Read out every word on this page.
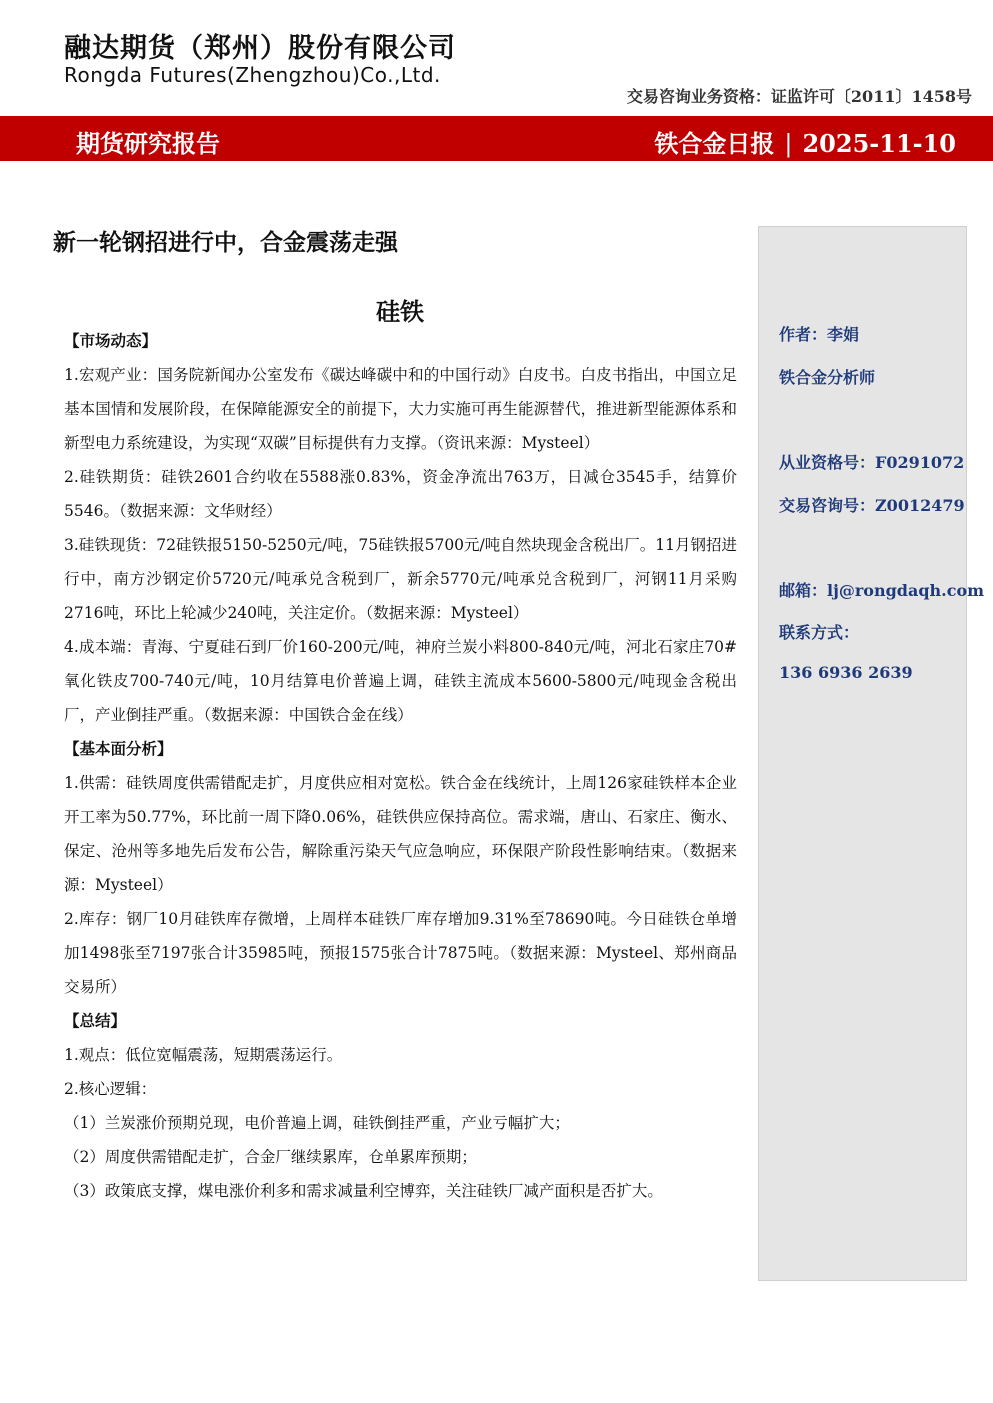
融达期货（郑州）股份有限公司
Rongda Futures(Zhengzhou)Co.,Ltd.
交易咨询业务资格：证监许可〔2011〕1458号
期货研究报告	铁合金日报 | 2025-11-10
新一轮钢招进行中，合金震荡走强
硅铁
【市场动态】

1.宏观产业：国务院新闻办公室发布《碳达峰碳中和的中国行动》白皮书。白皮书指出，中国立足基本国情和发展阶段，在保障能源安全的前提下，大力实施可再生能源替代，推进新型能源体系和新型电力系统建设，为实现“双碳”目标提供有力支撑。（资讯来源：Mysteel）

2.硅铁期货：硅铁2601合约收在5588涨0.83%，资金净流出763万，日减仓3545手，结算价5546。（数据来源：文华财经）

3.硅铁现货：72硅铁报5150-5250元/吨，75硅铁报5700元/吨自然块现金含税出厂。11月钢招进行中，南方沙钢定价5720元/吨承兑含税到厂，新余5770元/吨承兑含税到厂，河钢11月采购2716吨，环比上轮减少240吨，关注定价。（数据来源：Mysteel）

4.成本端：青海、宁夏硅石到厂价160-200元/吨，神府兰炭小料800-840元/吨，河北石家庄70#氧化铁皮700-740元/吨，10月结算电价普遍上调，硅铁主流成本5600-5800元/吨现金含税出厂，产业倒挂严重。（数据来源：中国铁合金在线）

【基本面分析】

1.供需：硅铁周度供需错配走扩，月度供应相对宽松。铁合金在线统计，上周126家硅铁样本企业开工率为50.77%，环比前一周下降0.06%，硅铁供应保持高位。需求端，唐山、石家庄、衡水、保定、沧州等多地先后发布公告，解除重污染天气应急响应，环保限产阶段性影响结束。（数据来源：Mysteel）

2.库存：钢厂10月硅铁库存微增，上周样本硅铁厂库存增加9.31%至78690吨。今日硅铁仓单增加1498张至7197张合计35985吨，预报1575张合计7875吨。（数据来源：Mysteel、郑州商品交易所）

【总结】

1.观点：低位宽幅震荡，短期震荡运行。

2.核心逻辑：

（1）兰炭涨价预期兑现，电价普遍上调，硅铁倒挂严重，产业亏幅扩大；

（2）周度供需错配走扩，合金厂继续累库，仓单累库预期；

（3）政策底支撑，煤电涨价利多和需求减量利空博弈，关注硅铁厂减产面积是否扩大。

作者：李娟
铁合金分析师
从业资格号：F0291072
交易咨询号：Z0012479
邮箱：lj@rongdaqh.com
联系方式：
136 6936 2639
